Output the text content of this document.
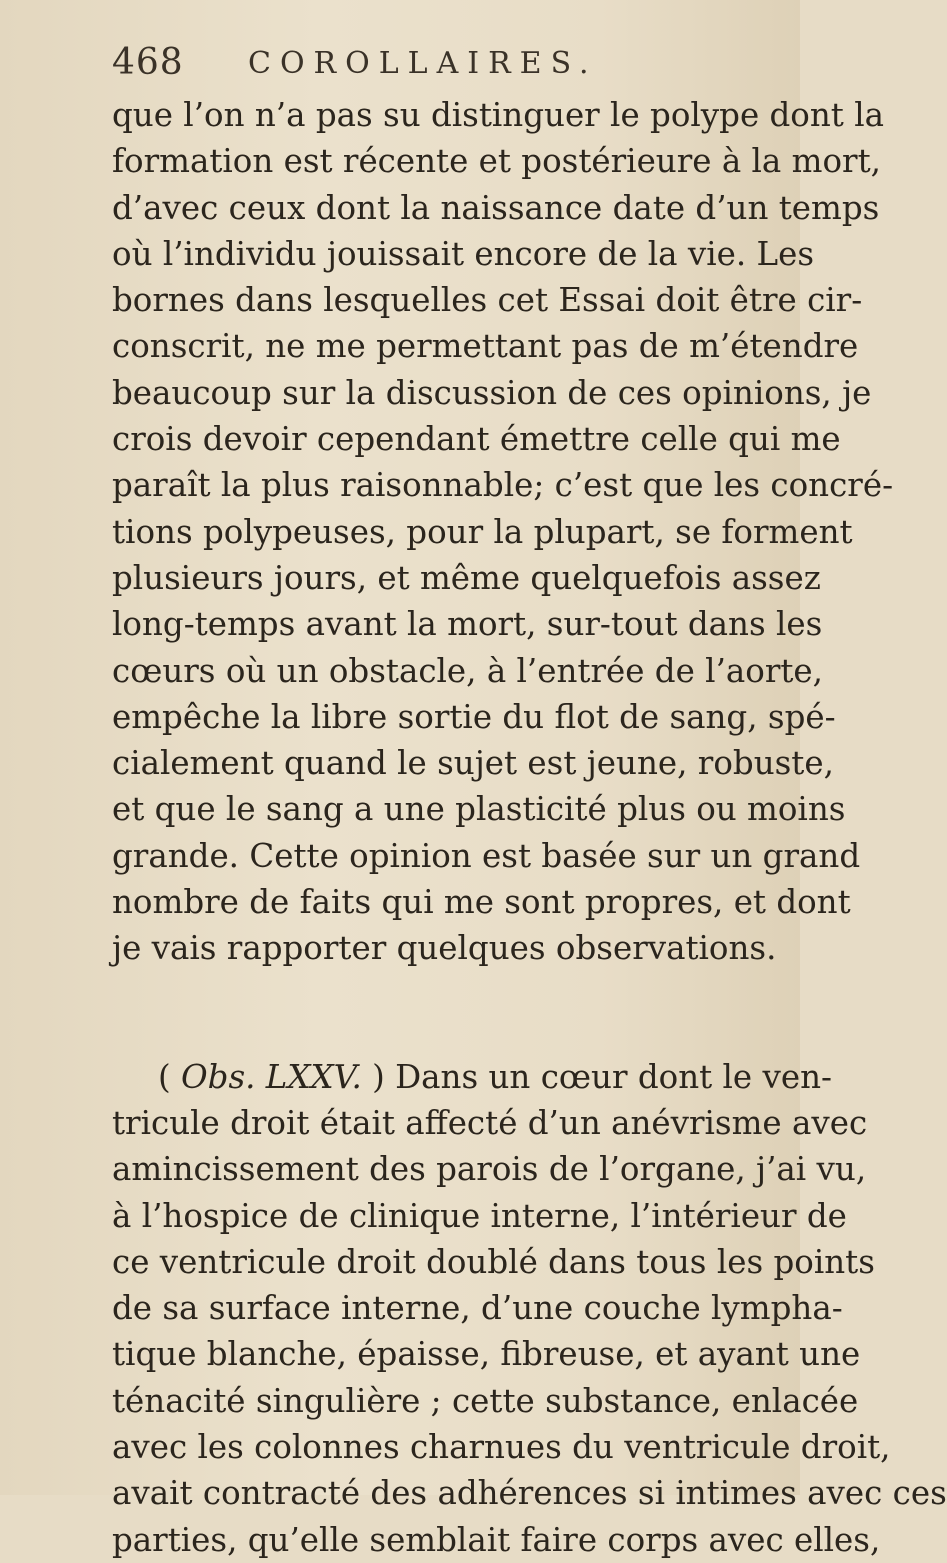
468 COROLLAIRES.
que l’on n’a pas su distinguer le polype dont la
formation est récente et postérieure à la mort,
d’avec ceux dont la naissance date d’un temps
où l’individu jouissait encore de la vie. Les
bornes dans lesquelles cet Essai doit être cir-
conscrit, ne me permettant pas de m’étendre
beaucoup sur la discussion de ces opinions, je
crois devoir cependant émettre celle qui me
paraît la plus raisonnable; c’est que les concré-
tions polypeuses, pour la plupart, se forment
plusieurs jours, et même quelquefois assez
long-temps avant la mort, sur-tout dans les
cœurs où un obstacle, à l’entrée de l’aorte,
empêche la libre sortie du flot de sang, spé-
cialement quand le sujet est jeune, robuste,
et que le sang a une plasticité plus ou moins
grande. Cette opinion est basée sur un grand
nombre de faits qui me sont propres, et dont
je vais rapporter quelques observations.
( Obs. LXXV. ) Dans un cœur dont le ven-
tricule droit était affecté d’un anévrisme avec
amincissement des parois de l’organe, j’ai vu,
à l’hospice de clinique interne, l’intérieur de
ce ventricule droit doublé dans tous les points
de sa surface interne, d’une couche lympha-
tique blanche, épaisse, fibreuse, et ayant une
ténacité singulière ; cette substance, enlacée
avec les colonnes charnues du ventricule droit,
avait contracté des adhérences si intimes avec ces
parties, qu’elle semblait faire corps avec elles,
